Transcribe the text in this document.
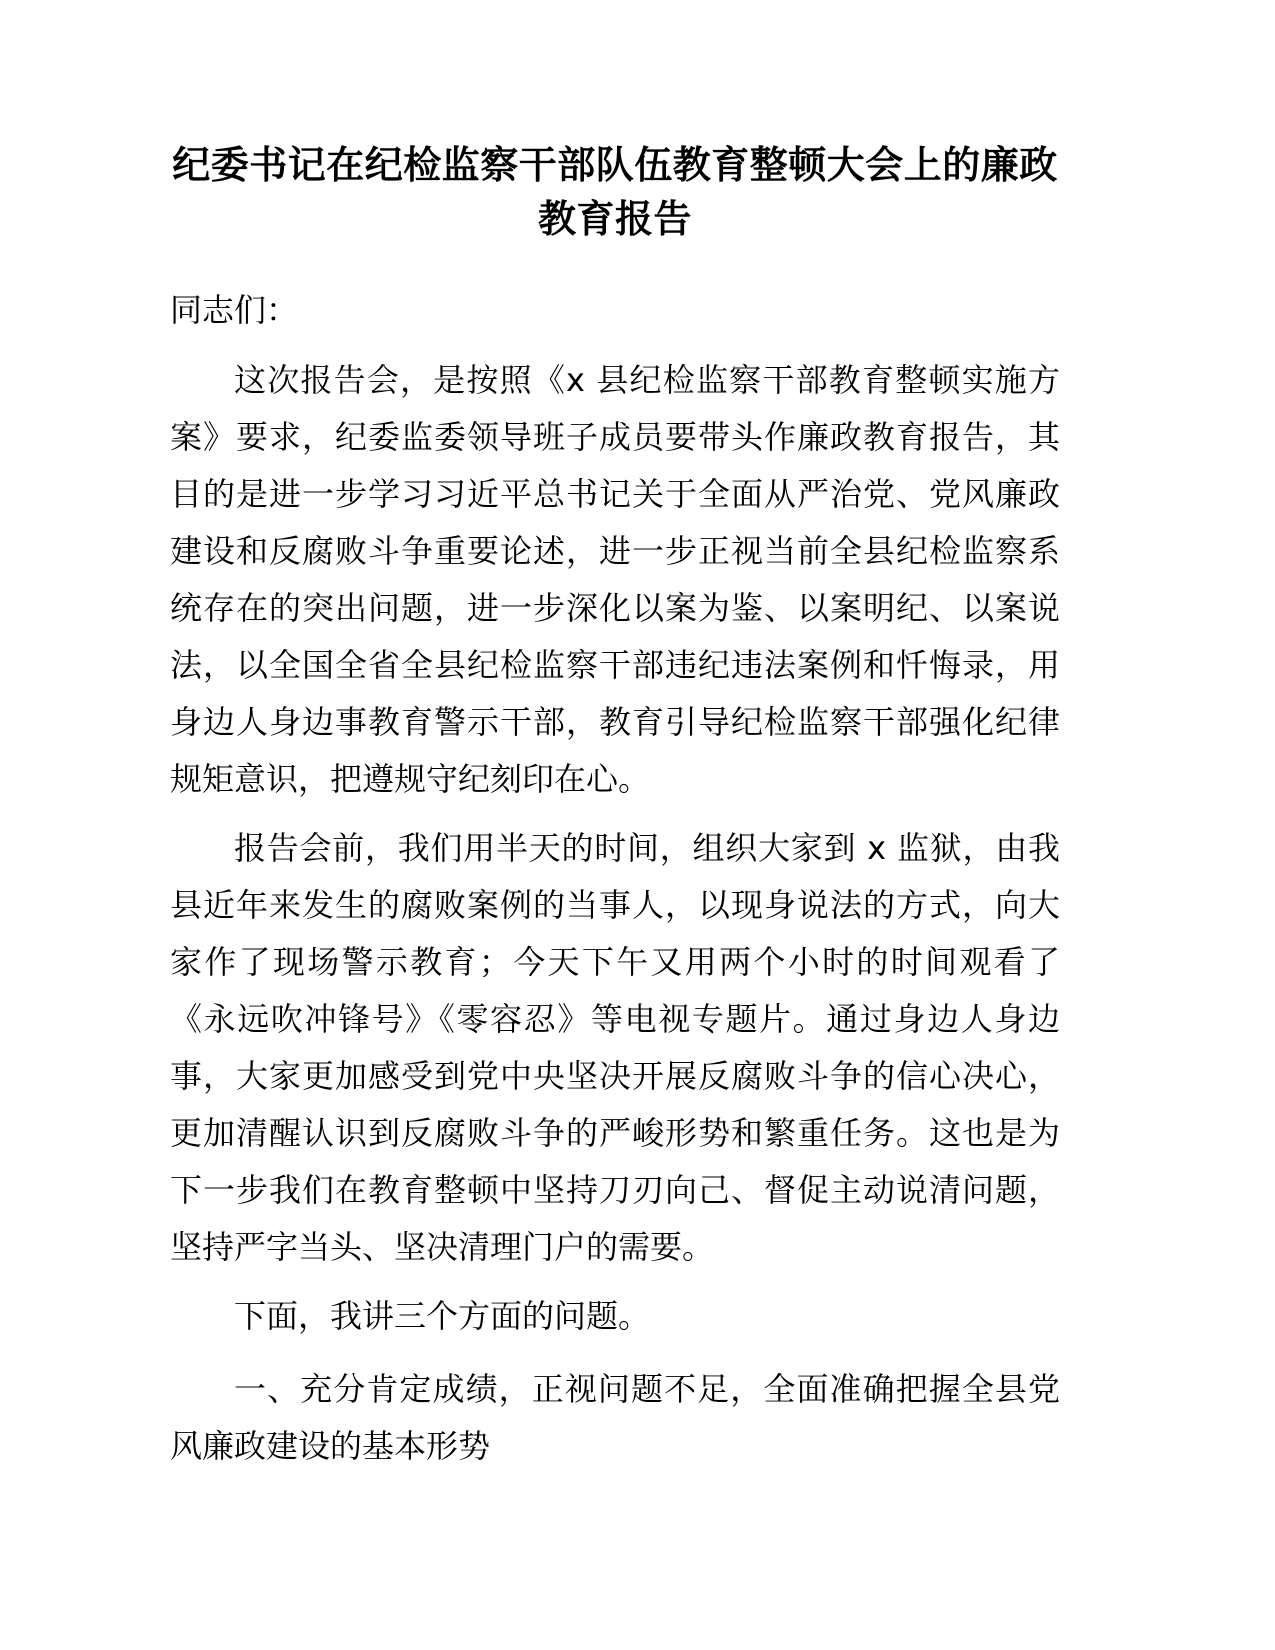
纪委书记在纪检监察干部队伍教育整顿大会上的廉政教育报告

同志们：

这次报告会，是按照《x 县纪检监察干部教育整顿实施方案》要求，纪委监委领导班子成员要带头作廉政教育报告，其目的是进一步学习习近平总书记关于全面从严治党、党风廉政建设和反腐败斗争重要论述，进一步正视当前全县纪检监察系统存在的突出问题，进一步深化以案为鉴、以案明纪、以案说法，以全国全省全县纪检监察干部违纪违法案例和忏悔录，用身边人身边事教育警示干部，教育引导纪检监察干部强化纪律规矩意识，把遵规守纪刻印在心。

报告会前，我们用半天的时间，组织大家到 x 监狱，由我县近年来发生的腐败案例的当事人，以现身说法的方式，向大家作了现场警示教育；今天下午又用两个小时的时间观看了《永远吹冲锋号》《零容忍》等电视专题片。通过身边人身边事，大家更加感受到党中央坚决开展反腐败斗争的信心决心，更加清醒认识到反腐败斗争的严峻形势和繁重任务。这也是为下一步我们在教育整顿中坚持刀刃向己、督促主动说清问题，坚持严字当头、坚决清理门户的需要。

下面，我讲三个方面的问题。

一、充分肯定成绩，正视问题不足，全面准确把握全县党风廉政建设的基本形势
